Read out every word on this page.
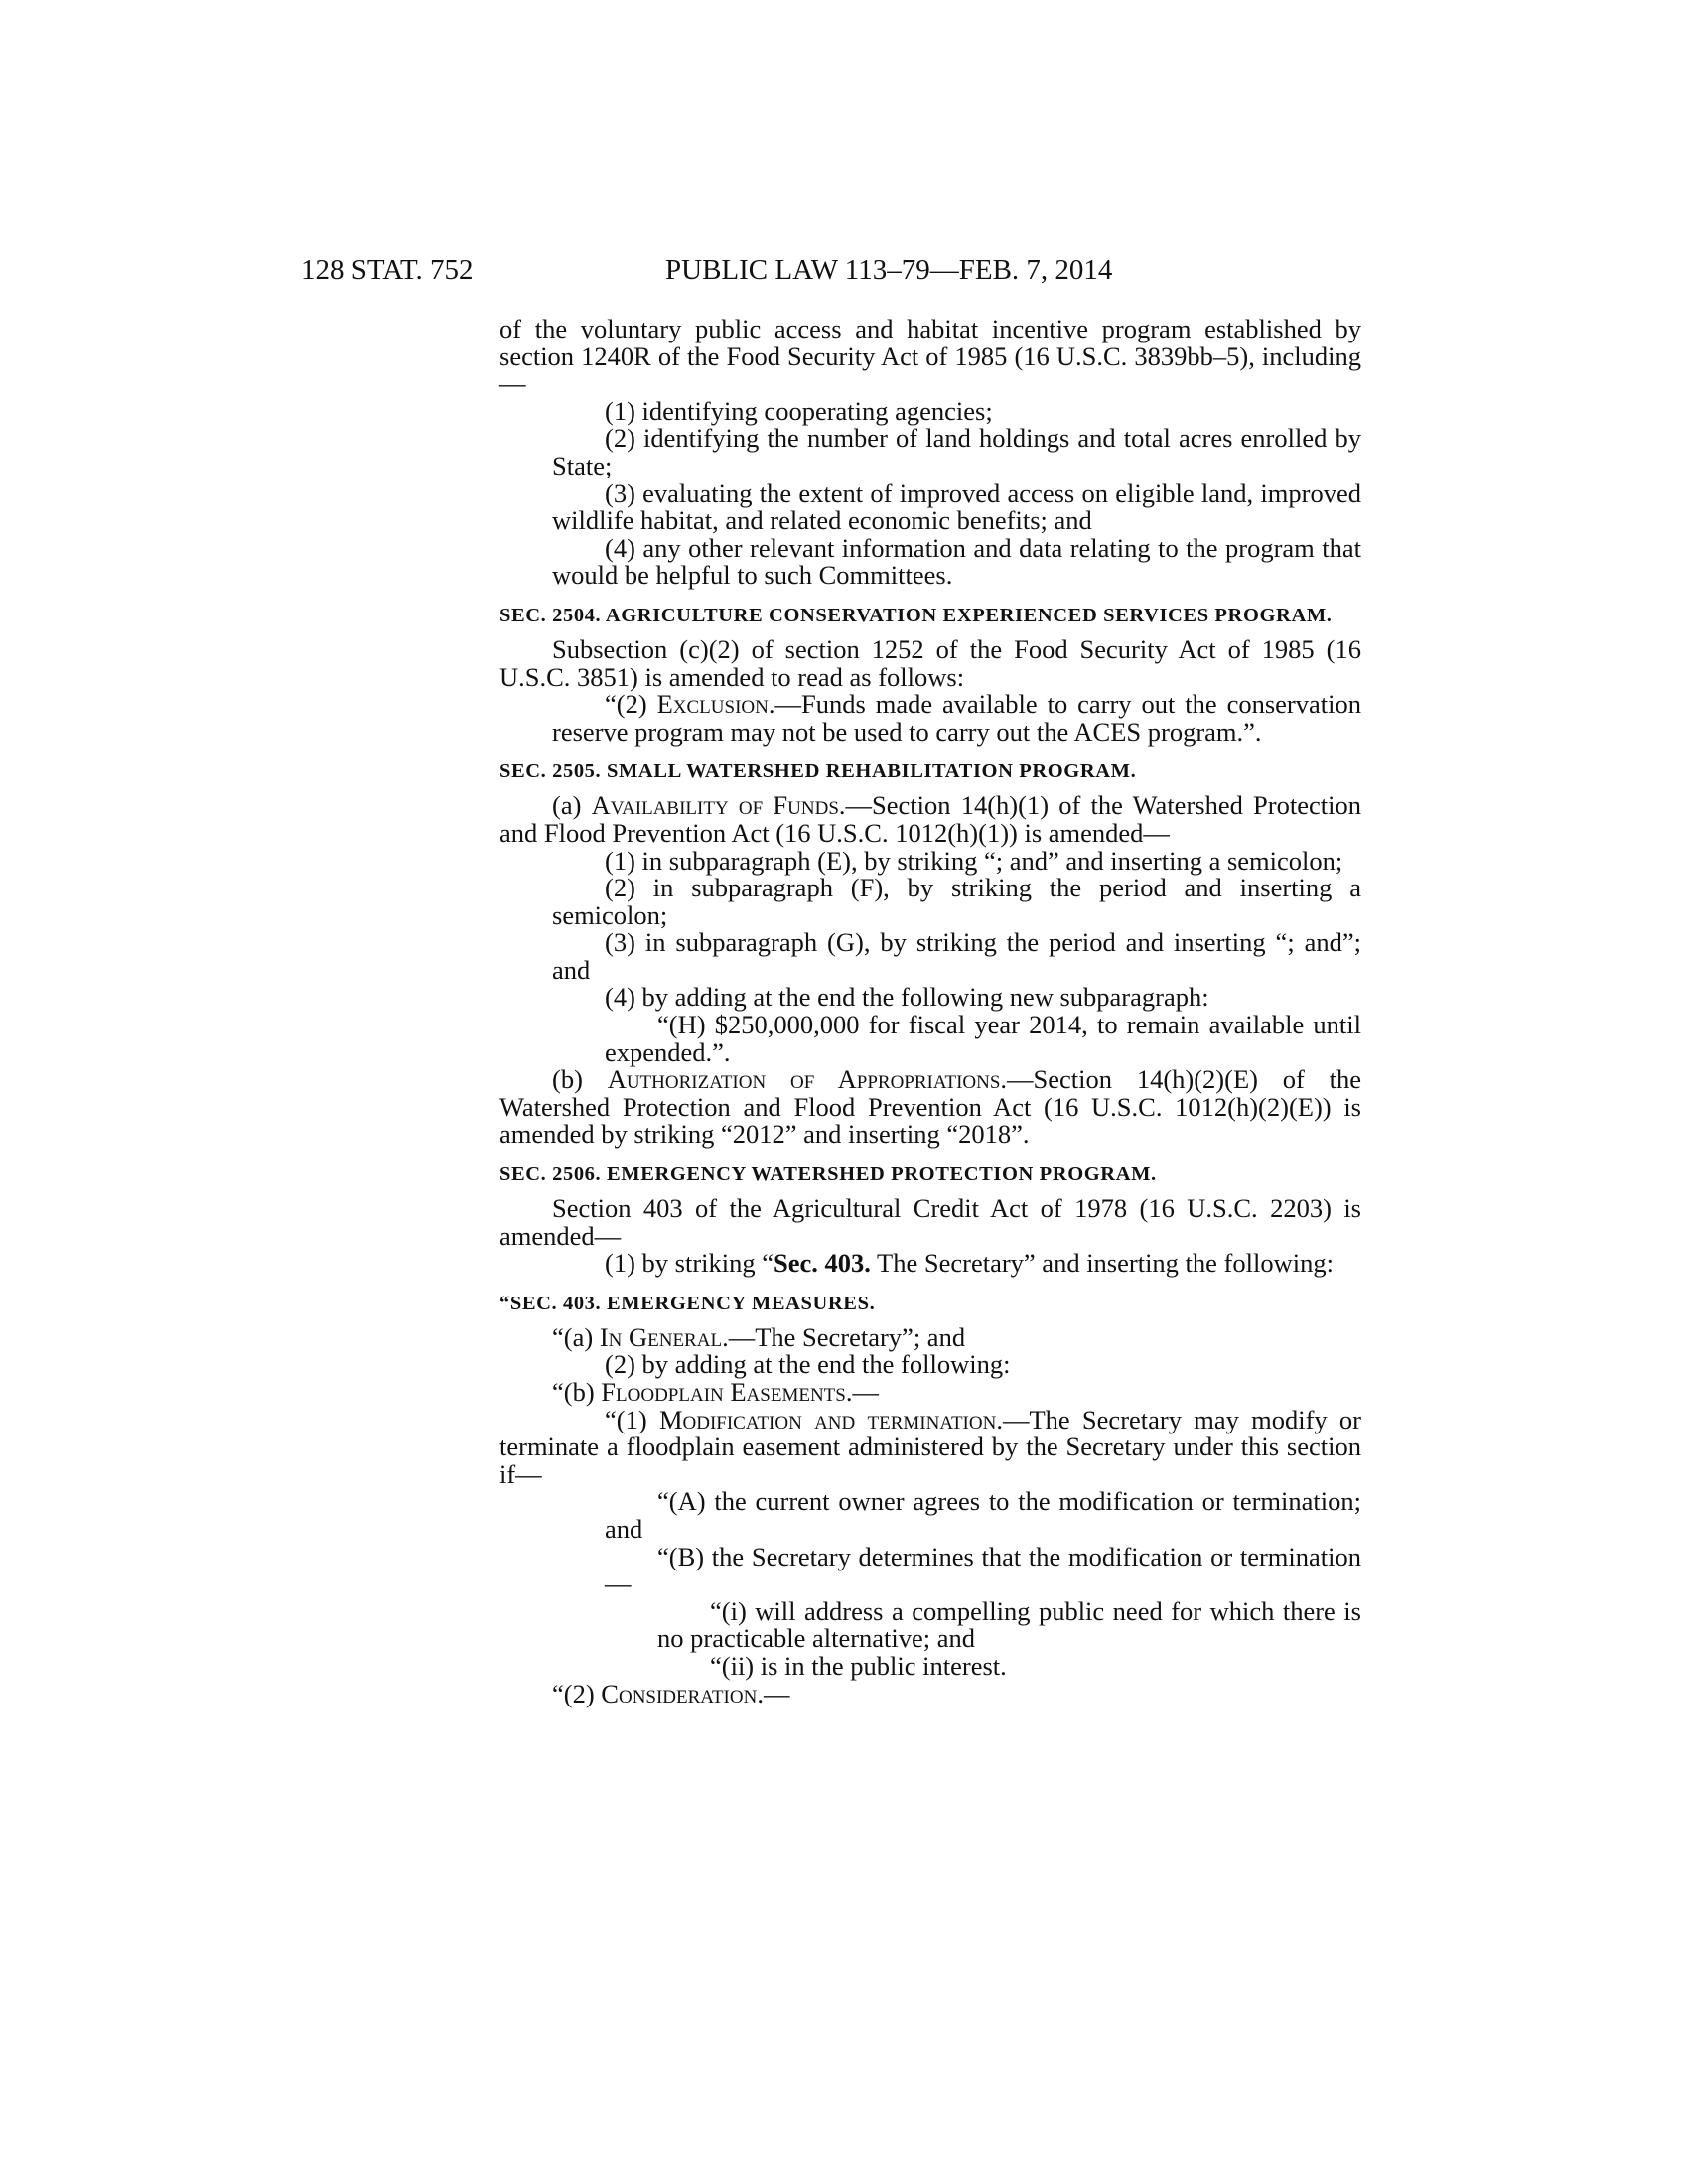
128 STAT. 752	PUBLIC LAW 113–79—FEB. 7, 2014
of the voluntary public access and habitat incentive program established by section 1240R of the Food Security Act of 1985 (16 U.S.C. 3839bb–5), including—
(1) identifying cooperating agencies;
(2) identifying the number of land holdings and total acres enrolled by State;
(3) evaluating the extent of improved access on eligible land, improved wildlife habitat, and related economic benefits; and
(4) any other relevant information and data relating to the program that would be helpful to such Committees.
SEC. 2504. AGRICULTURE CONSERVATION EXPERIENCED SERVICES PROGRAM.
Subsection (c)(2) of section 1252 of the Food Security Act of 1985 (16 U.S.C. 3851) is amended to read as follows:
“(2) Exclusion.—Funds made available to carry out the conservation reserve program may not be used to carry out the ACES program.”.
SEC. 2505. SMALL WATERSHED REHABILITATION PROGRAM.
(a) Availability of Funds.—Section 14(h)(1) of the Watershed Protection and Flood Prevention Act (16 U.S.C. 1012(h)(1)) is amended—
(1) in subparagraph (E), by striking “; and” and inserting a semicolon;
(2) in subparagraph (F), by striking the period and inserting a semicolon;
(3) in subparagraph (G), by striking the period and inserting “; and”; and
(4) by adding at the end the following new subparagraph:
“(H) $250,000,000 for fiscal year 2014, to remain available until expended.”.
(b) Authorization of Appropriations.—Section 14(h)(2)(E) of the Watershed Protection and Flood Prevention Act (16 U.S.C. 1012(h)(2)(E)) is amended by striking “2012” and inserting “2018”.
SEC. 2506. EMERGENCY WATERSHED PROTECTION PROGRAM.
Section 403 of the Agricultural Credit Act of 1978 (16 U.S.C. 2203) is amended—
(1) by striking “Sec. 403. The Secretary” and inserting the following:
“SEC. 403. EMERGENCY MEASURES.
“(a) In General.—The Secretary”; and
(2) by adding at the end the following:
“(b) Floodplain Easements.—
“(1) Modification and termination.—The Secretary may modify or terminate a floodplain easement administered by the Secretary under this section if—
“(A) the current owner agrees to the modification or termination; and
“(B) the Secretary determines that the modification or termination—
“(i) will address a compelling public need for which there is no practicable alternative; and
“(ii) is in the public interest.
“(2) Consideration.—
